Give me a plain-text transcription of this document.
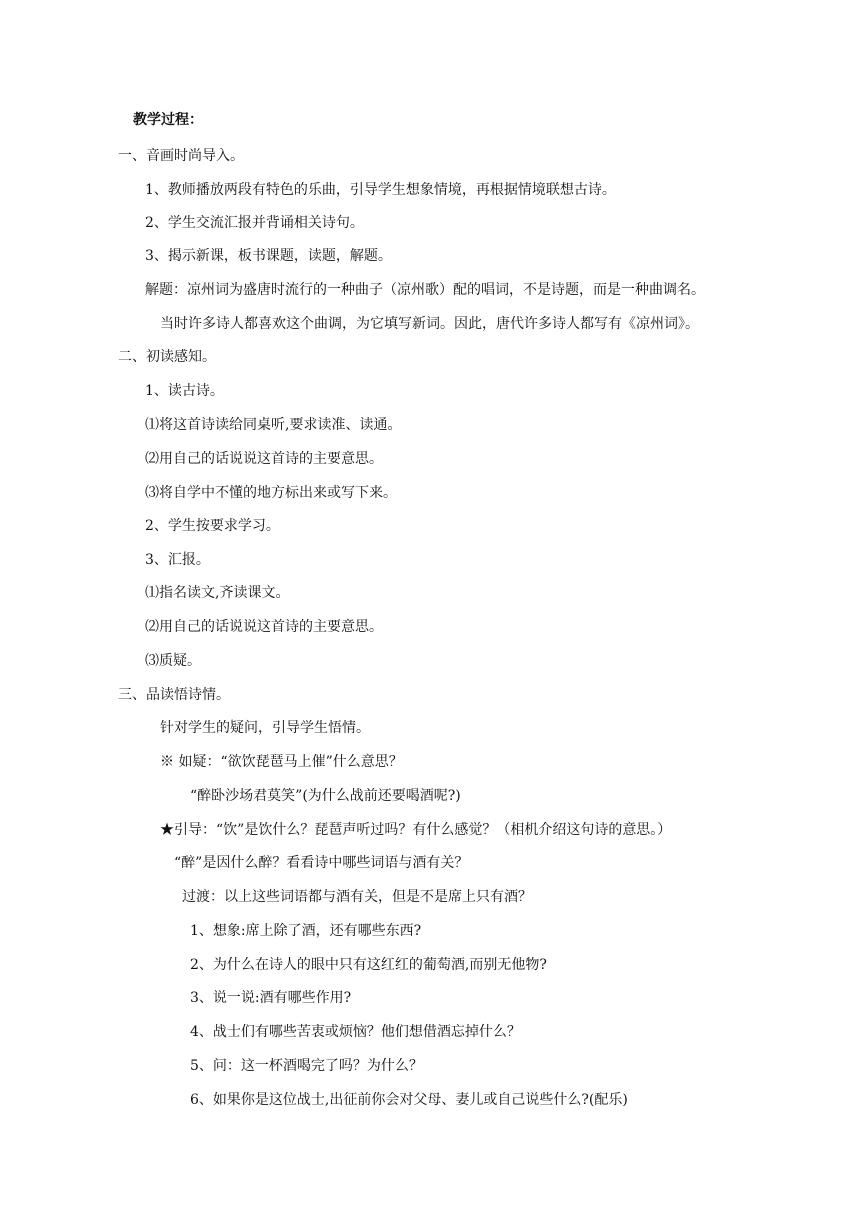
教学过程：
一、音画时尚导入。
1、教师播放两段有特色的乐曲，引导学生想象情境，再根据情境联想古诗。
2、学生交流汇报并背诵相关诗句。
3、揭示新课，板书课题，读题，解题。
解题：凉州词为盛唐时流行的一种曲子（凉州歌）配的唱词，不是诗题，而是一种曲调名。
当时许多诗人都喜欢这个曲调，为它填写新词。因此，唐代许多诗人都写有《凉州词》。
二、初读感知。
1、读古诗。
⑴将这首诗读给同桌听,要求读准、读通。
⑵用自己的话说说这首诗的主要意思。
⑶将自学中不懂的地方标出来或写下来。
2、学生按要求学习。
3、汇报。
⑴指名读文,齐读课文。
⑵用自己的话说说这首诗的主要意思。
⑶质疑。
三、品读悟诗情。
针对学生的疑问，引导学生悟情。
※ 如疑：“欲饮琵琶马上催”什么意思？
“醉卧沙场君莫笑”(为什么战前还要喝酒呢?)
★引导：“饮”是饮什么？琵琶声听过吗？有什么感觉？（相机介绍这句诗的意思。）
“醉”是因什么醉？看看诗中哪些词语与酒有关？
过渡：以上这些词语都与酒有关，但是不是席上只有酒？
1、想象:席上除了酒，还有哪些东西?
2、为什么在诗人的眼中只有这红红的葡萄酒,而别无他物?
3、说一说:酒有哪些作用?
4、战士们有哪些苦衷或烦恼？他们想借酒忘掉什么？
5、问：这一杯酒喝完了吗？为什么？
6、如果你是这位战士,出征前你会对父母、妻儿或自己说些什么?(配乐)
